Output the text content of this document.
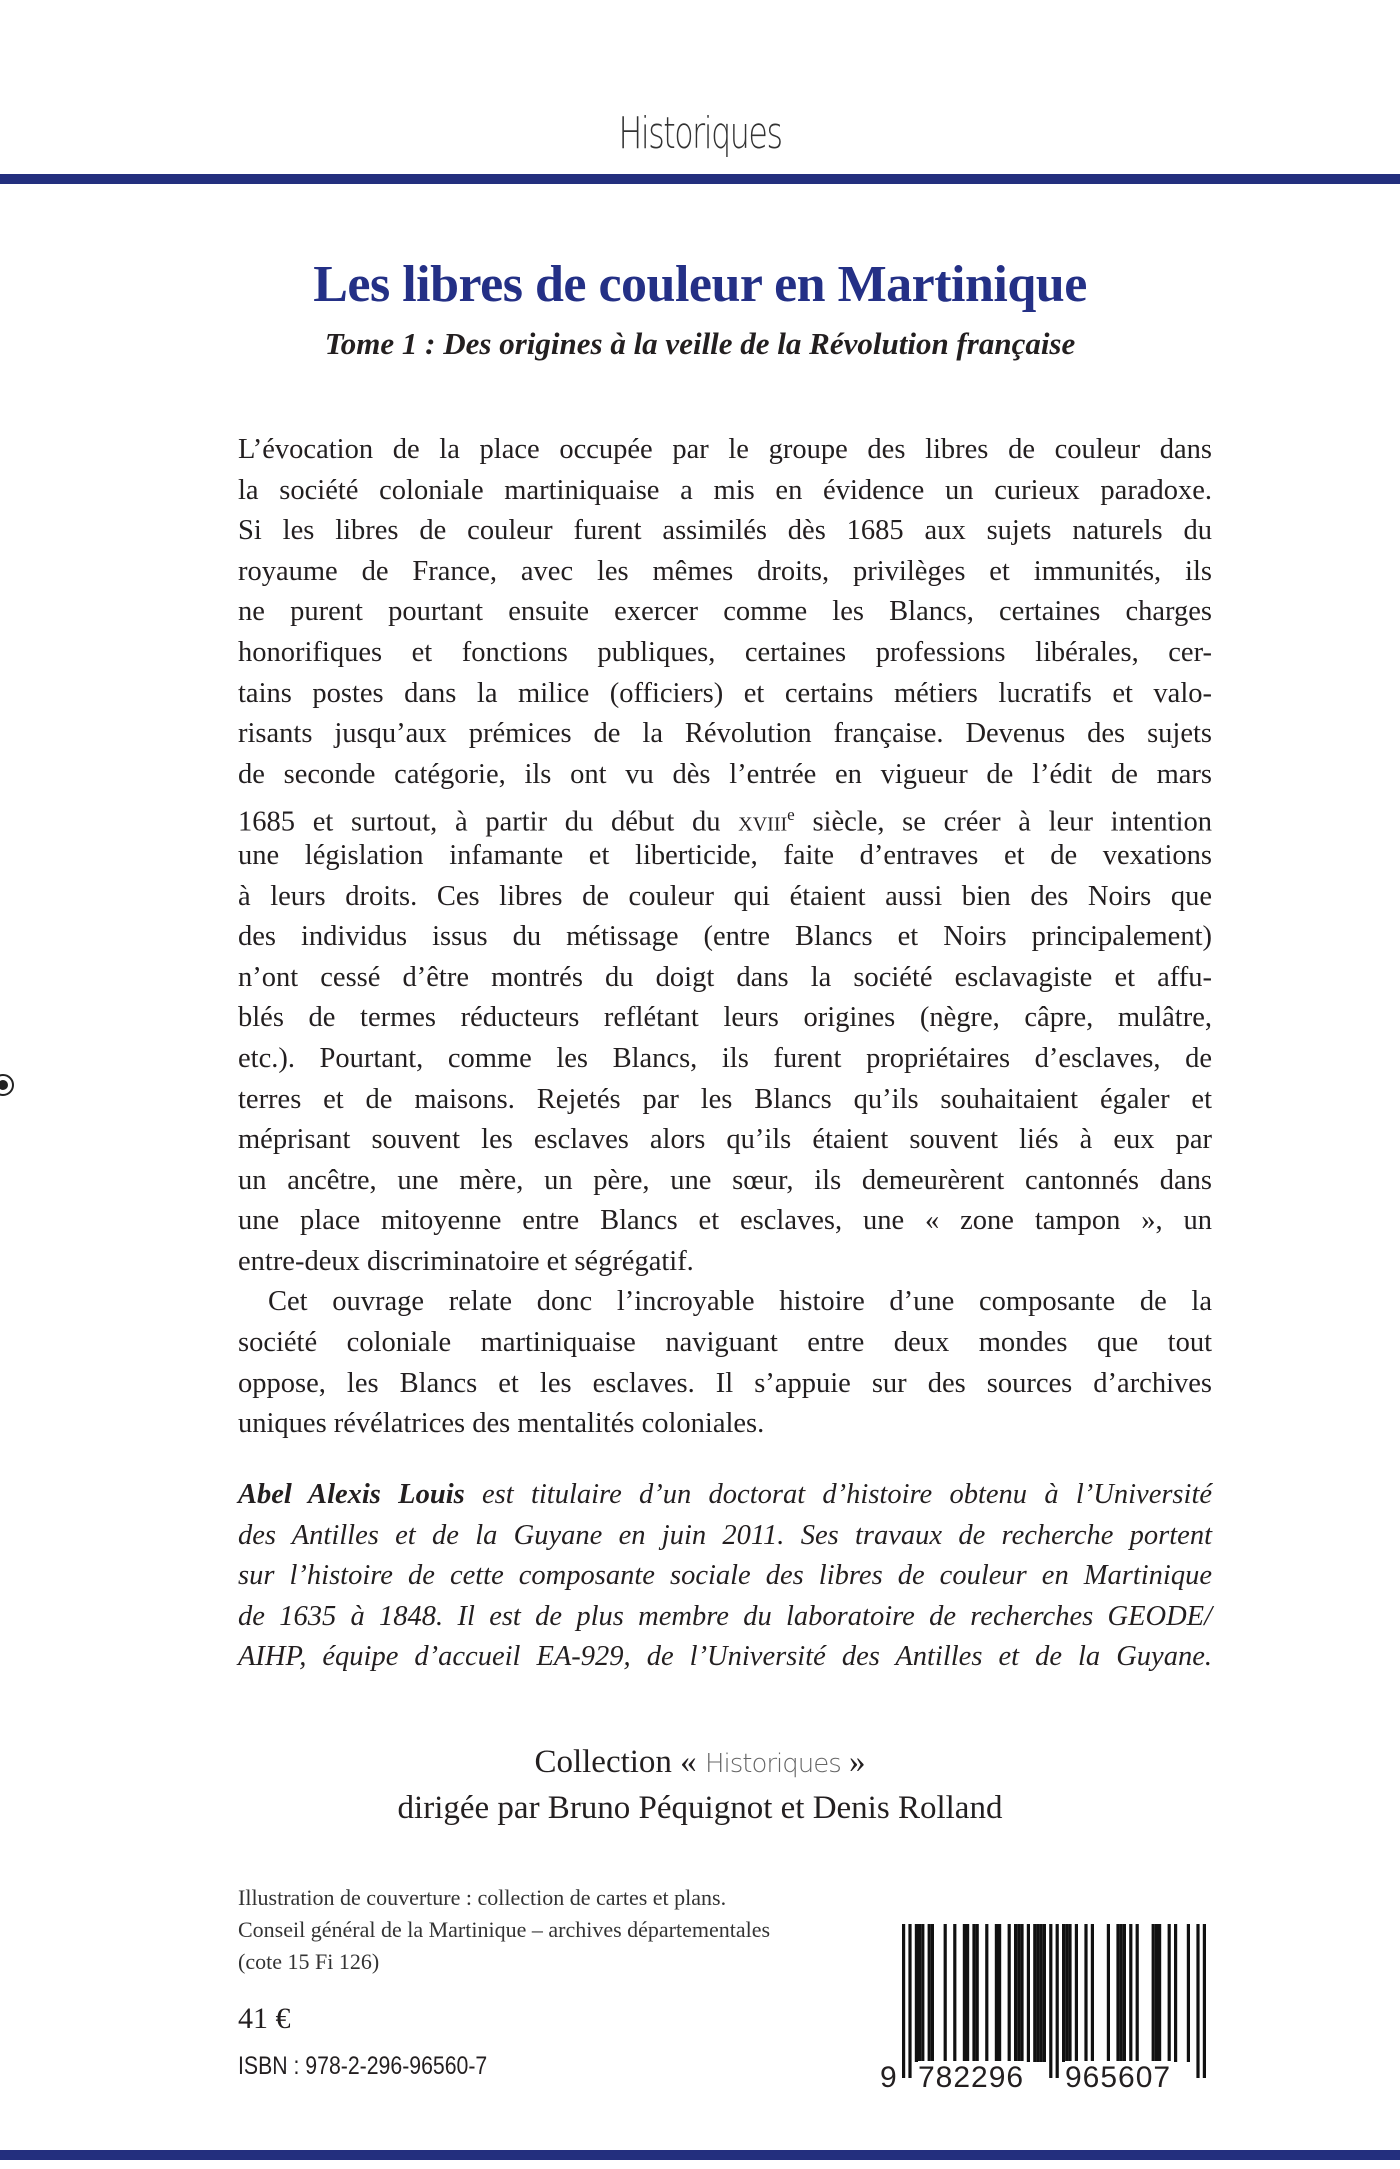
Historiques
Les libres de couleur en Martinique
Tome 1 : Des origines à la veille de la Révolution française
L’évocation de la place occupée par le groupe des libres de couleur dans
la société coloniale martiniquaise a mis en évidence un curieux paradoxe.
Si les libres de couleur furent assimilés dès 1685 aux sujets naturels du
royaume de France, avec les mêmes droits, privilèges et immunités, ils
ne purent pourtant ensuite exercer comme les Blancs, certaines charges
honorifiques et fonctions publiques, certaines professions libérales, cer-
tains postes dans la milice (officiers) et certains métiers lucratifs et valo-
risants jusqu’aux prémices de la Révolution française. Devenus des sujets
de seconde catégorie, ils ont vu dès l’entrée en vigueur de l’édit de mars
1685 et surtout, à partir du début du xviii$^e$ siècle, se créer à leur intention
une législation infamante et liberticide, faite d’entraves et de vexations
à leurs droits. Ces libres de couleur qui étaient aussi bien des Noirs que
des individus issus du métissage (entre Blancs et Noirs principalement)
n’ont cessé d’être montrés du doigt dans la société esclavagiste et affu-
blés de termes réducteurs reflétant leurs origines (nègre, câpre, mulâtre,
etc.). Pourtant, comme les Blancs, ils furent propriétaires d’esclaves, de
terres et de maisons. Rejetés par les Blancs qu’ils souhaitaient égaler et
méprisant souvent les esclaves alors qu’ils étaient souvent liés à eux par
un ancêtre, une mère, un père, une sœur, ils demeurèrent cantonnés dans
une place mitoyenne entre Blancs et esclaves, une « zone tampon », un
entre-deux discriminatoire et ségrégatif.
Cet ouvrage relate donc l’incroyable histoire d’une composante de la
société coloniale martiniquaise naviguant entre deux mondes que tout
oppose, les Blancs et les esclaves. Il s’appuie sur des sources d’archives
uniques révélatrices des mentalités coloniales.
Abel Alexis Louis est titulaire d’un doctorat d’histoire obtenu à l’Université
des Antilles et de la Guyane en juin 2011. Ses travaux de recherche portent
sur l’histoire de cette composante sociale des libres de couleur en Martinique
de 1635 à 1848. Il est de plus membre du laboratoire de recherches GEODE/
AIHP, équipe d’accueil EA-929, de l’Université des Antilles et de la Guyane.
Collection « Historiques »
dirigée par Bruno Péquignot et Denis Rolland
Illustration de couverture : collection de cartes et plans.
Conseil général de la Martinique – archives départementales
(cote 15 Fi 126)
41 €
ISBN : 978-2-296-96560-7	9 782296 965607
